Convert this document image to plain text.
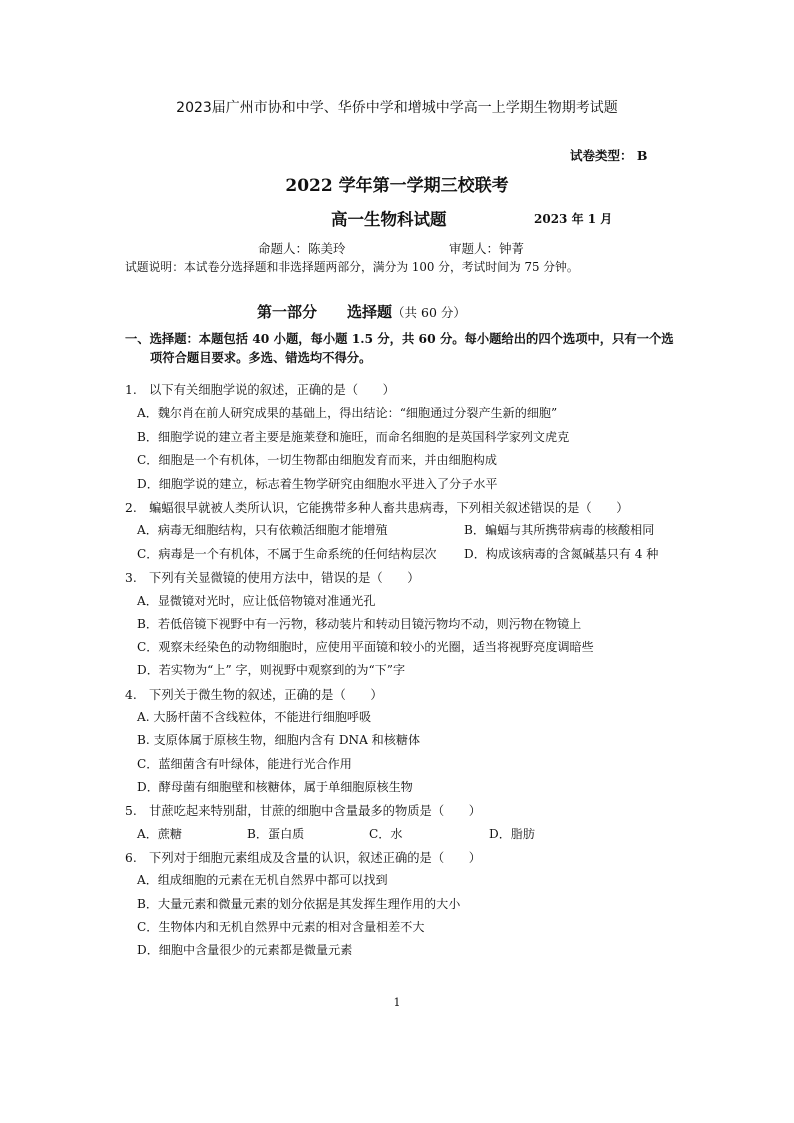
2023届广州市协和中学、华侨中学和增城中学高一上学期生物期考试题
试卷类型： B
2022 学年第一学期三校联考
高一生物科试题	2023 年 1 月
命题人：陈美玲	审题人：钟菁
试题说明：本试卷分选择题和非选择题两部分，满分为 100 分，考试时间为 75 分钟。
第一部分　　选择题（共 60 分）
一、选择题：本题包括 40 小题，每小题 1.5 分，共 60 分。每小题给出的四个选项中，只有一个选
项符合题目要求。多选、错选均不得分。
1.　以下有关细胞学说的叙述，正确的是（　　）
A．魏尔肖在前人研究成果的基础上，得出结论：“细胞通过分裂产生新的细胞”
B．细胞学说的建立者主要是施莱登和施旺，而命名细胞的是英国科学家列文虎克
C．细胞是一个有机体，一切生物都由细胞发育而来，并由细胞构成
D．细胞学说的建立，标志着生物学研究由细胞水平进入了分子水平
2.　蝙蝠很早就被人类所认识，它能携带多种人畜共患病毒，下列相关叙述错误的是（　　）
A．病毒无细胞结构，只有依赖活细胞才能增殖	B．蝙蝠与其所携带病毒的核酸相同
C．病毒是一个有机体，不属于生命系统的任何结构层次 D．构成该病毒的含氮碱基只有 4 种
3.　下列有关显微镜的使用方法中，错误的是（　　）
A．显微镜对光时，应让低倍物镜对准通光孔
B．若低倍镜下视野中有一污物，移动装片和转动目镜污物均不动，则污物在物镜上
C．观察未经染色的动物细胞时，应使用平面镜和较小的光圈，适当将视野亮度调暗些
D．若实物为“上” 字，则视野中观察到的为“下”字
4.　下列关于微生物的叙述，正确的是（　　）
A. 大肠杆菌不含线粒体，不能进行细胞呼吸
B. 支原体属于原核生物，细胞内含有 DNA 和核糖体
C．蓝细菌含有叶绿体，能进行光合作用
D．酵母菌有细胞壁和核糖体，属于单细胞原核生物
5.　甘蔗吃起来特别甜，甘蔗的细胞中含量最多的物质是（　　）
A．蔗糖	B．蛋白质	C．水	D．脂肪
6.　下列对于细胞元素组成及含量的认识，叙述正确的是（　　）
A．组成细胞的元素在无机自然界中都可以找到
B．大量元素和微量元素的划分依据是其发挥生理作用的大小
C．生物体内和无机自然界中元素的相对含量相差不大
D．细胞中含量很少的元素都是微量元素
1
